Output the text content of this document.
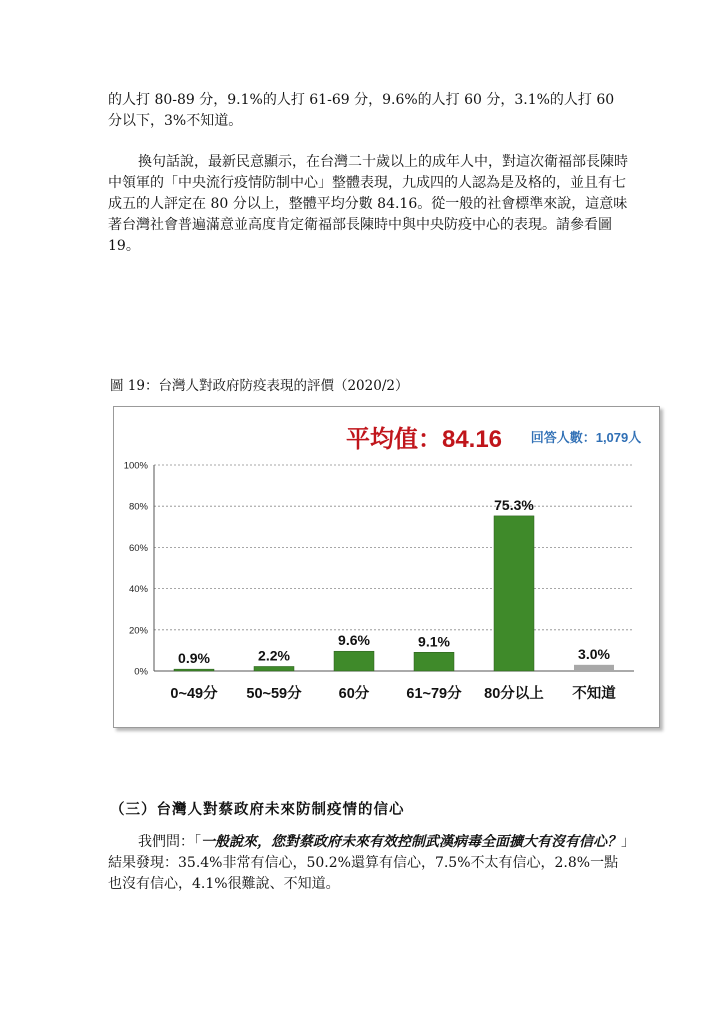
的人打 80-89 分，9.1%的人打 61-69 分，9.6%的人打 60 分，3.1%的人打 60 分以下，3%不知道。

換句話說，最新民意顯示，在台灣二十歲以上的成年人中，對這次衛福部長陳時中領軍的「中央流行疫情防制中心」整體表現，九成四的人認為是及格的，並且有七成五的人評定在 80 分以上，整體平均分數 84.16。從一般的社會標準來說，這意味著台灣社會普遍滿意並高度肯定衛福部長陳時中與中央防疫中心的表現。請參看圖 19。

圖 19：台灣人對政府防疫表現的評價（2020/2）
平均值：84.16 回答人數：1,079人
0%
20%
40%
60%
80%
100%
0.9%
0~49分
2.2%
50~59分
9.6%
60分
9.1%
61~79分
75.3%
80分以上
3.0%
不知道
（三）台灣人對蔡政府未來防制疫情的信心

我們問：「一般說來，您對蔡政府未來有效控制武漢病毒全面擴大有沒有信心？」結果發現：35.4%非常有信心，50.2%還算有信心，7.5%不太有信心，2.8%一點也沒有信心，4.1%很難說、不知道。
